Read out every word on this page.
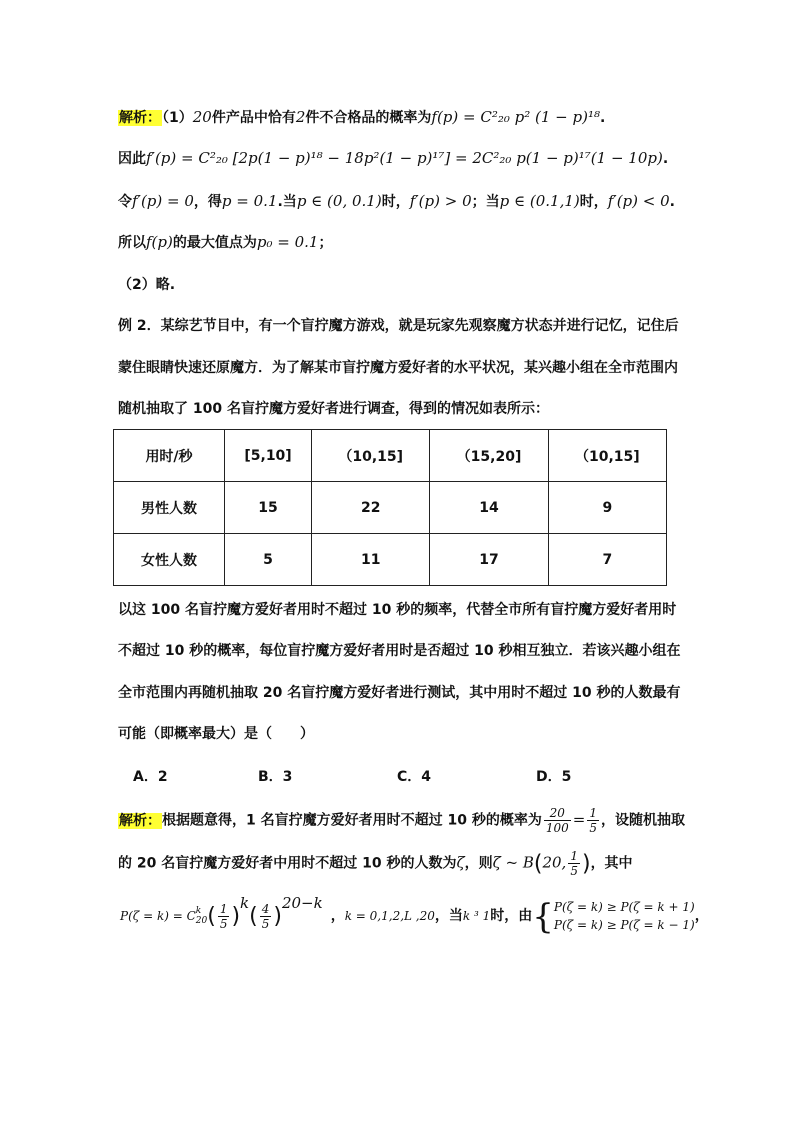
解析：（1）20件产品中恰有2件不合格品的概率为f(p) = C²₂₀ p² (1 − p)¹⁸.
因此f′(p) = C²₂₀ [2p(1 − p)¹⁸ − 18p²(1 − p)¹⁷] = 2C²₂₀ p(1 − p)¹⁷(1 − 10p).
令f′(p) = 0，得p = 0.1.当p ∈ (0, 0.1)时，f′(p) > 0；当p ∈ (0.1,1)时，f′(p) < 0.
所以f(p)的最大值点为p₀ = 0.1；
（2）略.
例 2．某综艺节目中，有一个盲拧魔方游戏，就是玩家先观察魔方状态并进行记忆，记住后
蒙住眼睛快速还原魔方．为了解某市盲拧魔方爱好者的水平状况，某兴趣小组在全市范围内
随机抽取了 100 名盲拧魔方爱好者进行调查，得到的情况如表所示：
用时/秒	[5,10]	（10,15]	（15,20]	（10,15]
男性人数	15	22	14	9
女性人数	5	11	17	7
以这 100 名盲拧魔方爱好者用时不超过 10 秒的频率，代替全市所有盲拧魔方爱好者用时
不超过 10 秒的概率，每位盲拧魔方爱好者用时是否超过 10 秒相互独立．若该兴趣小组在
全市范围内再随机抽取 20 名盲拧魔方爱好者进行测试，其中用时不超过 10 秒的人数最有
可能（即概率最大）是（　　）
A．2	B．3	C．4	D．5
解析：根据题意得，1 名盲拧魔方爱好者用时不超过 10 秒的概率为 $\frac{20}{100} = \frac{1}{5}$ ，设随机抽取
的 20 名盲拧魔方爱好者中用时不超过 10 秒的人数为ζ，则ζ ~ B(20, $\frac{1}{5}$ )，其中
P(ζ = k) = C k
20 ( $\frac{1}{5} )^k( \frac{4}{5} )^{20-k}$，k = 0,1,2,L ,20，当k ³ 1时，由{ P(ζ = k) ≥ P(ζ = k + 1)
P(ζ = k) ≥ P(ζ = k − 1)
，
